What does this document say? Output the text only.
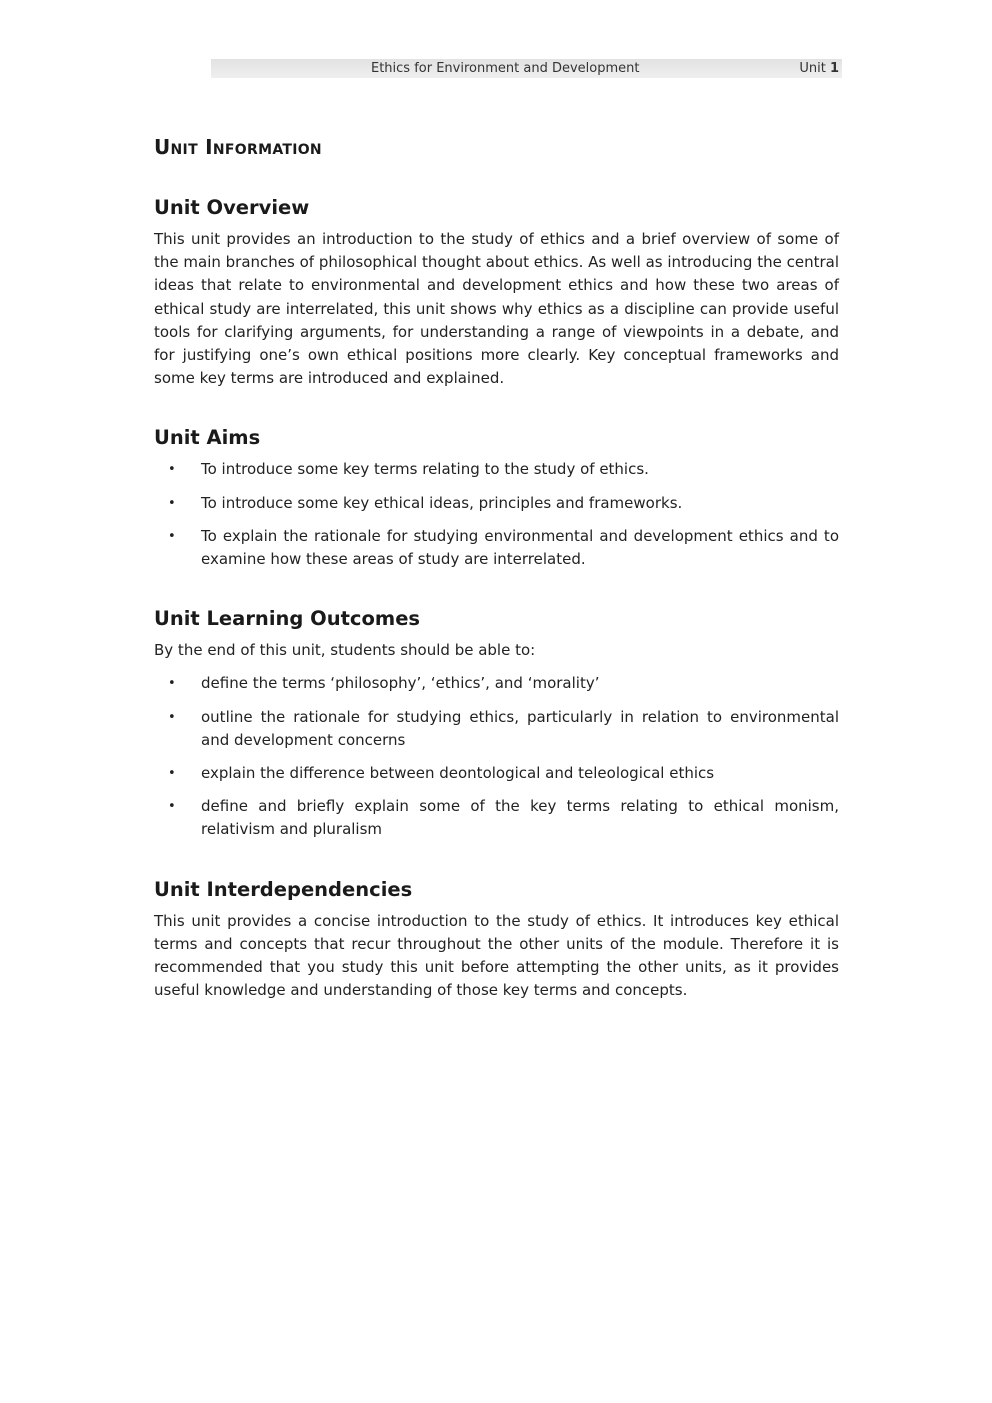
Ethics for Environment and Development	Unit 1
Unit Information
Unit Overview

This unit provides an introduction to the study of ethics and a brief overview of some of the main branches of philosophical thought about ethics. As well as introducing the central ideas that relate to environmental and development ethics and how these two areas of ethical study are interrelated, this unit shows why ethics as a discipline can provide useful tools for clarifying arguments, for understanding a range of viewpoints in a debate, and for justifying one’s own ethical positions more clearly. Key conceptual frameworks and some key terms are introduced and explained.

Unit Aims
• To introduce some key terms relating to the study of ethics.
• To introduce some key ethical ideas, principles and frameworks.
• To explain the rationale for studying environmental and development ethics and to examine how these areas of study are interrelated.
Unit Learning Outcomes

By the end of this unit, students should be able to:

• define the terms ‘philosophy’, ‘ethics’, and ‘morality’
• outline the rationale for studying ethics, particularly in relation to environmental and development concerns
• explain the difference between deontological and teleological ethics
• define and briefly explain some of the key terms relating to ethical monism, relativism and pluralism
Unit Interdependencies

This unit provides a concise introduction to the study of ethics. It introduces key ethical terms and concepts that recur throughout the other units of the module. Therefore it is recommended that you study this unit before attempting the other units, as it provides useful knowledge and understanding of those key terms and concepts.
